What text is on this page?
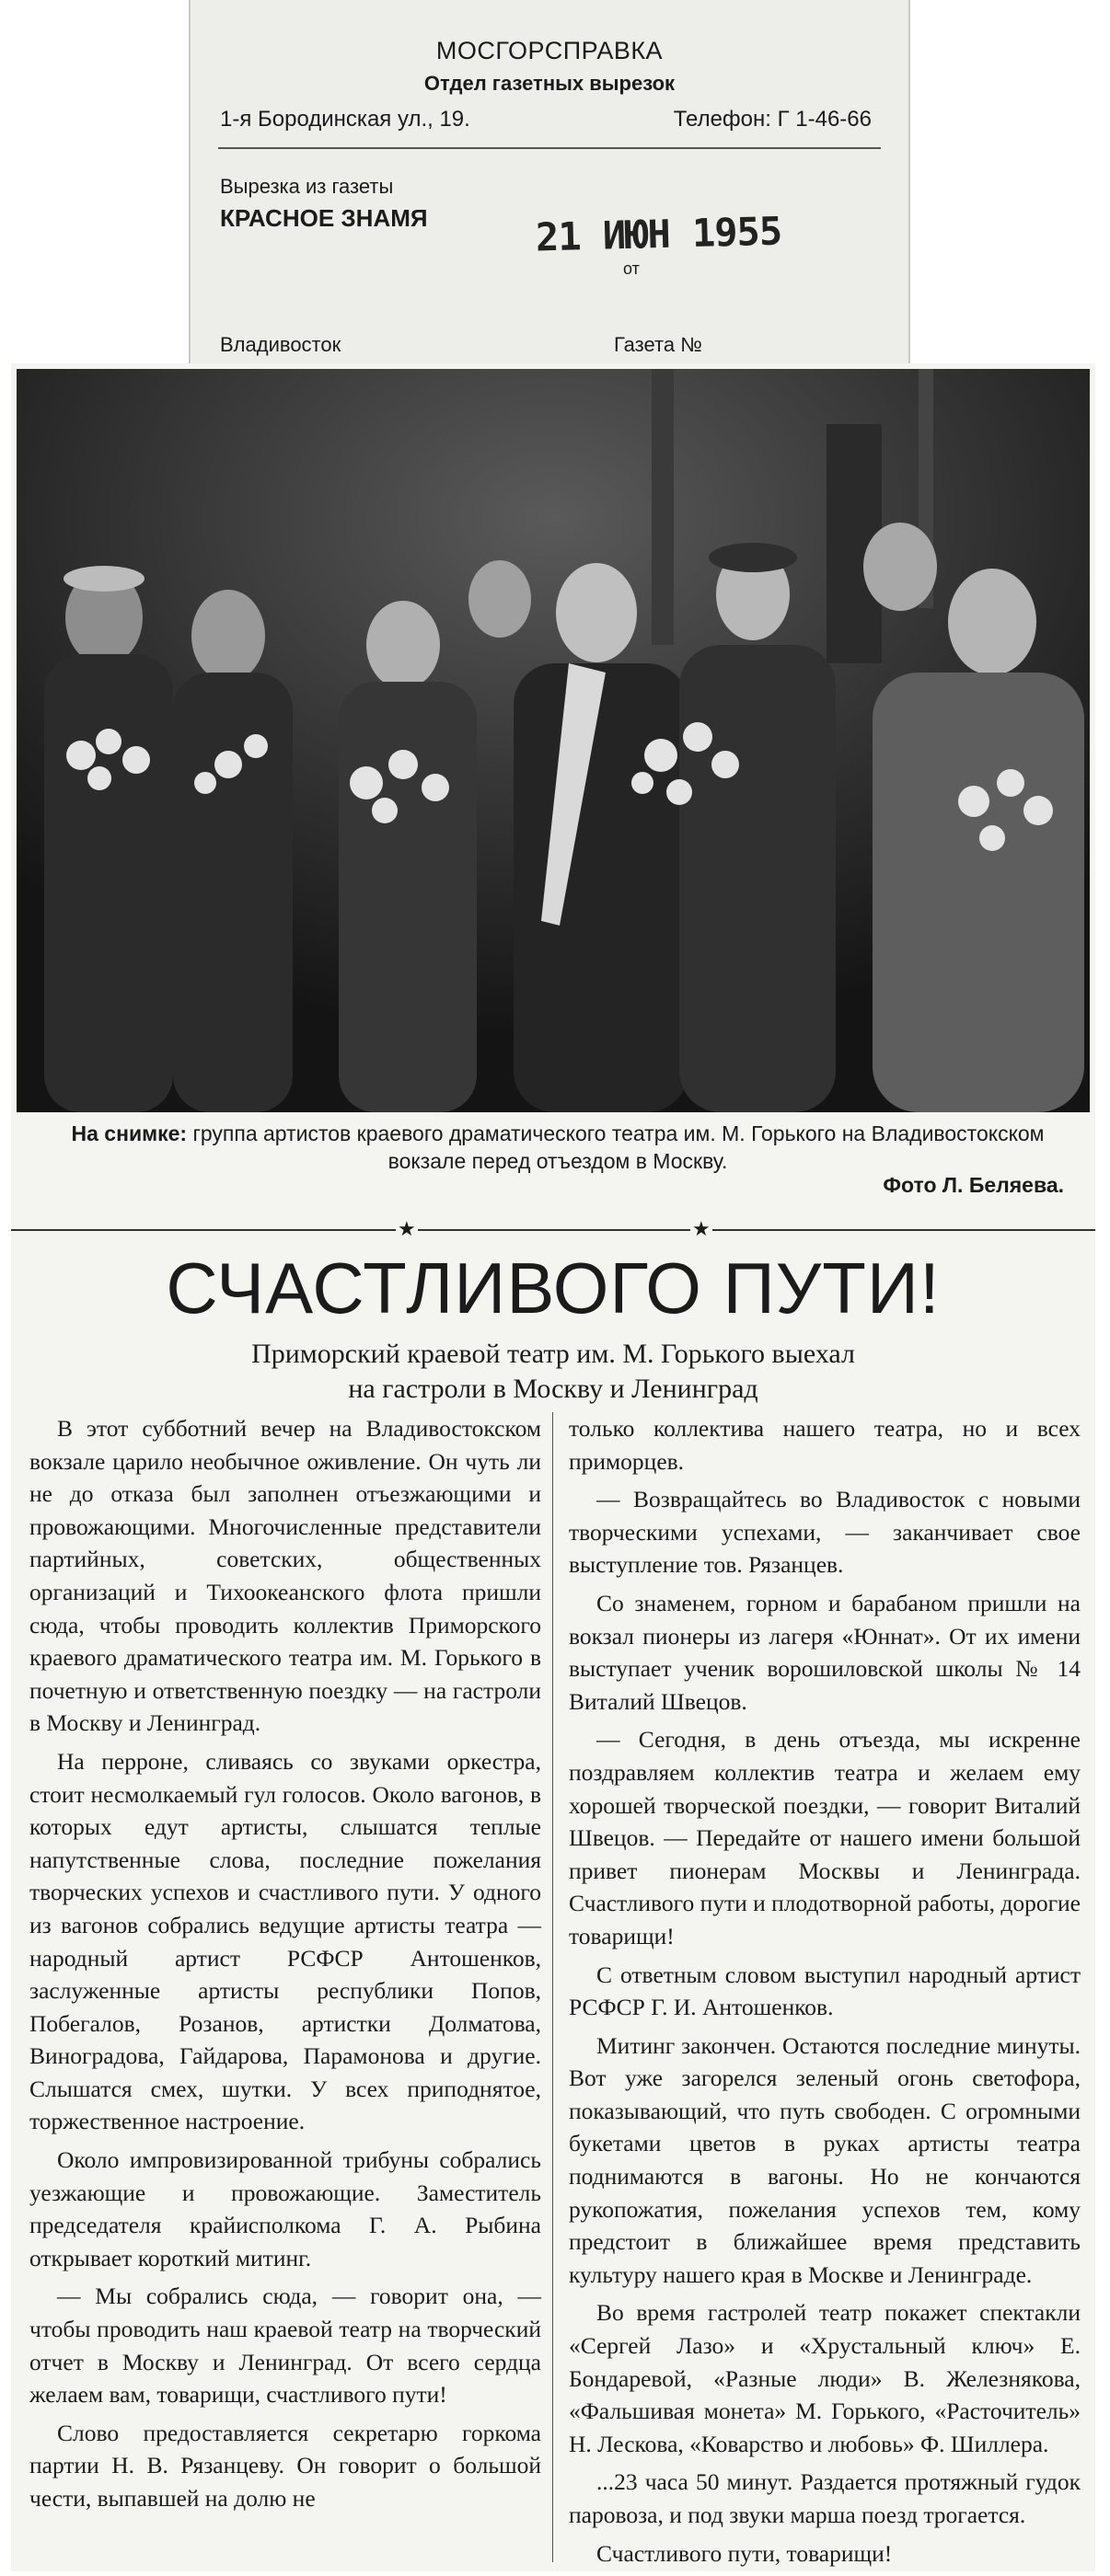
МОСГОРСПРАВКА
Отдел газетных вырезок
1-я Бородинская ул., 19.	Телефон: Г 1-46-66
Вырезка из газеты
КРАСНОЕ ЗНАМЯ	21 ИЮН 1955
от
Владивосток	Газета №
На снимке: группа артистов краевого драматического театра им. М. Горького на Владивостокском вокзале перед отъездом в Москву.
Фото Л. Беляева.
★	★
СЧАСТЛИВОГО ПУТИ!
Приморский краевой театр им. М. Горького выехал
на гастроли в Москву и Ленинград

В этот субботний вечер на Владивостокском вокзале царило необычное оживление. Он чуть ли не до отказа был заполнен отъезжающими и провожающими. Многочисленные представители партийных, советских, общественных организаций и Тихоокеанского флота пришли сюда, чтобы проводить коллектив Приморского краевого драматического театра им. М. Горького в почетную и ответственную поездку — на гастроли в Москву и Ленинград.

На перроне, сливаясь со звуками оркестра, стоит несмолкаемый гул голосов. Около вагонов, в которых едут артисты, слышатся теплые напутственные слова, последние пожелания творческих успехов и счастливого пути. У одного из вагонов собрались ведущие артисты театра — народный артист РСФСР Антошенков, заслуженные артисты республики Попов, Побегалов, Розанов, артистки Долматова, Виноградова, Гайдарова, Парамонова и другие. Слышатся смех, шутки. У всех приподнятое, торжественное настроение.

Около импровизированной трибуны собрались уезжающие и провожающие. Заместитель председателя крайисполкома Г. А. Рыбина открывает короткий митинг.

— Мы собрались сюда, — говорит она, — чтобы проводить наш краевой театр на творческий отчет в Москву и Ленинград. От всего сердца желаем вам, товарищи, счастливого пути!

Слово предоставляется секретарю горкома партии Н. В. Рязанцеву. Он говорит о большой чести, выпавшей на долю не

только коллектива нашего театра, но и всех приморцев.

— Возвращайтесь во Владивосток с новыми творческими успехами, — заканчивает свое выступление тов. Рязанцев.

Со знаменем, горном и барабаном пришли на вокзал пионеры из лагеря «Юннат». От их имени выступает ученик ворошиловской школы № 14 Виталий Швецов.

— Сегодня, в день отъезда, мы искренне поздравляем коллектив театра и желаем ему хорошей творческой поездки, — говорит Виталий Швецов. — Передайте от нашего имени большой привет пионерам Москвы и Ленинграда. Счастливого пути и плодотворной работы, дорогие товарищи!

С ответным словом выступил народный артист РСФСР Г. И. Антошенков.

Митинг закончен. Остаются последние минуты. Вот уже загорелся зеленый огонь светофора, показывающий, что путь свободен. С огромными букетами цветов в руках артисты театра поднимаются в вагоны. Но не кончаются рукопожатия, пожелания успехов тем, кому предстоит в ближайшее время представить культуру нашего края в Москве и Ленинграде.

Во время гастролей театр покажет спектакли «Сергей Лазо» и «Хрустальный ключ» Е. Бондаревой, «Разные люди» В. Железнякова, «Фальшивая монета» М. Горького, «Расточитель» Н. Лескова, «Коварство и любовь» Ф. Шиллера.

...23 часа 50 минут. Раздается протяжный гудок паровоза, и под звуки марша поезд трогается.

Счастливого пути, товарищи!
